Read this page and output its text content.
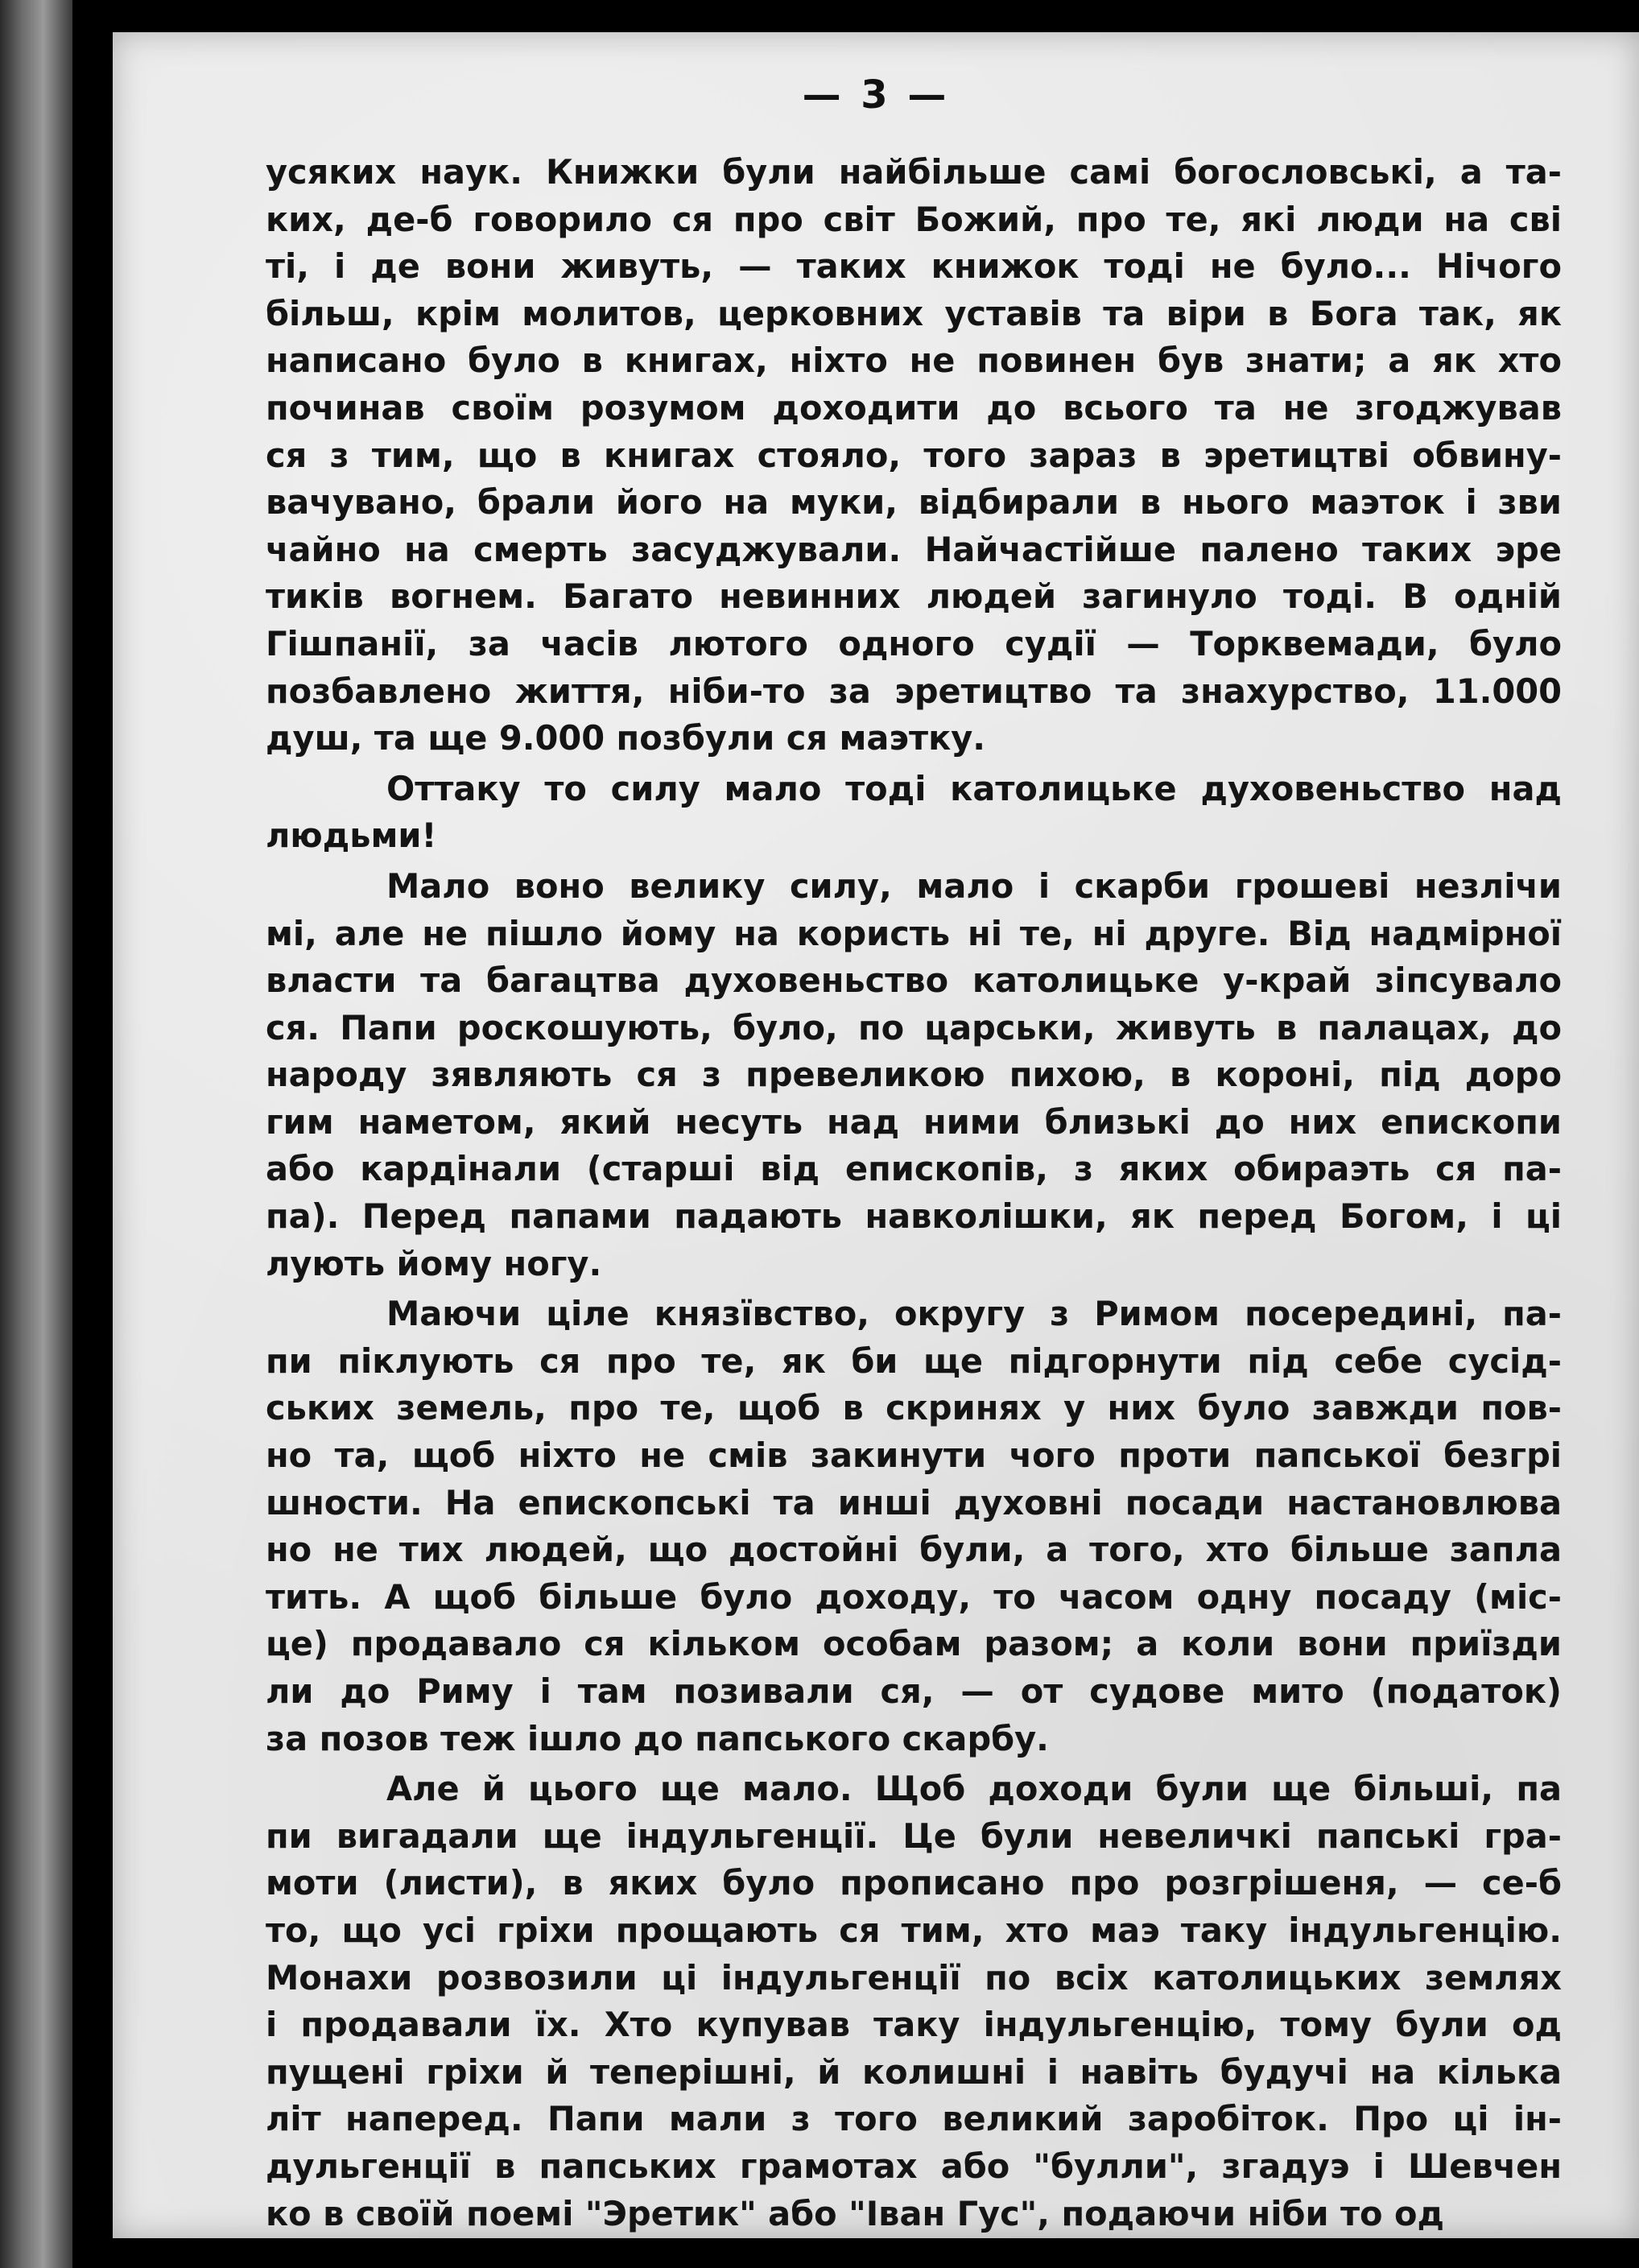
— 3 —
усяких наук. Книжки були найбільше самі богословські, а та-
ких, де-б говорило ся про світ Божий, про те, які люди на сві
ті, і де вони живуть, — таких книжок тоді не було... Нічого
більш, крім молитов, церковних уставів та віри в Бога так, як
написано було в книгах, ніхто не повинен був знати; а як хто
починав своїм розумом доходити до всього та не згоджував
ся з тим, що в книгах стояло, того зараз в эретицтві обвину-
вачувано, брали його на муки, відбирали в нього маэток і зви
чайно на смерть засуджували. Найчастійше палено таких эре
тиків вогнем. Багато невинних людей загинуло тоді. В одній
Гішпанії, за часів лютого одного судії — Торквемади, було
позбавлено життя, ніби-то за эретицтво та знахурство, 11.000
душ, та ще 9.000 позбули ся маэтку.
Оттаку то силу мало тоді католицьке духовеньство над
людьми!
Мало воно велику силу, мало і скарби грошеві незлічи
мі, але не пішло йому на користь ні те, ні друге. Від надмірної
власти та багацтва духовеньство католицьке у-край зіпсувало
ся. Папи роскошують, було, по царськи, живуть в палацах, до
народу зявляють ся з превеликою пихою, в короні, під доро
гим наметом, який несуть над ними близькі до них епископи
або кардінали (старші від епископів, з яких обираэть ся па-
па). Перед папами падають навколішки, як перед Богом, і ці
лують йому ногу.
Маючи ціле князївство, округу з Римом посередині, па-
пи піклують ся про те, як би ще підгорнути під себе сусід-
ських земель, про те, щоб в скринях у них було завжди пов-
но та, щоб ніхто не смів закинути чого проти папської безгрі
шности. На епископські та инші духовні посади настановлюва
но не тих людей, що достойні були, а того, хто більше запла
тить. А щоб більше було доходу, то часом одну посаду (міс-
це) продавало ся кільком особам разом; а коли вони приїзди
ли до Риму і там позивали ся, — от судове мито (податок)
за позов теж ішло до папського скарбу.
Але й цього ще мало. Щоб доходи були ще більші, па
пи вигадали ще індульгенції. Це були невеличкі папські гра-
моти (листи), в яких було прописано про розгрішеня, — се-б
то, що усі гріхи прощають ся тим, хто маэ таку індульгенцію.
Монахи розвозили ці індульгенції по всіх католицьких землях
і продавали їх. Хто купував таку індульгенцію, тому були од
пущені гріхи й теперішні, й колишні і навіть будучі на кілька
літ наперед. Папи мали з того великий заробіток. Про ці ін-
дульгенції в папських грамотах або "булли", згадуэ і Шевчен
ко в своїй поемі "Эретик" або "Іван Гус", подаючи ніби то од
